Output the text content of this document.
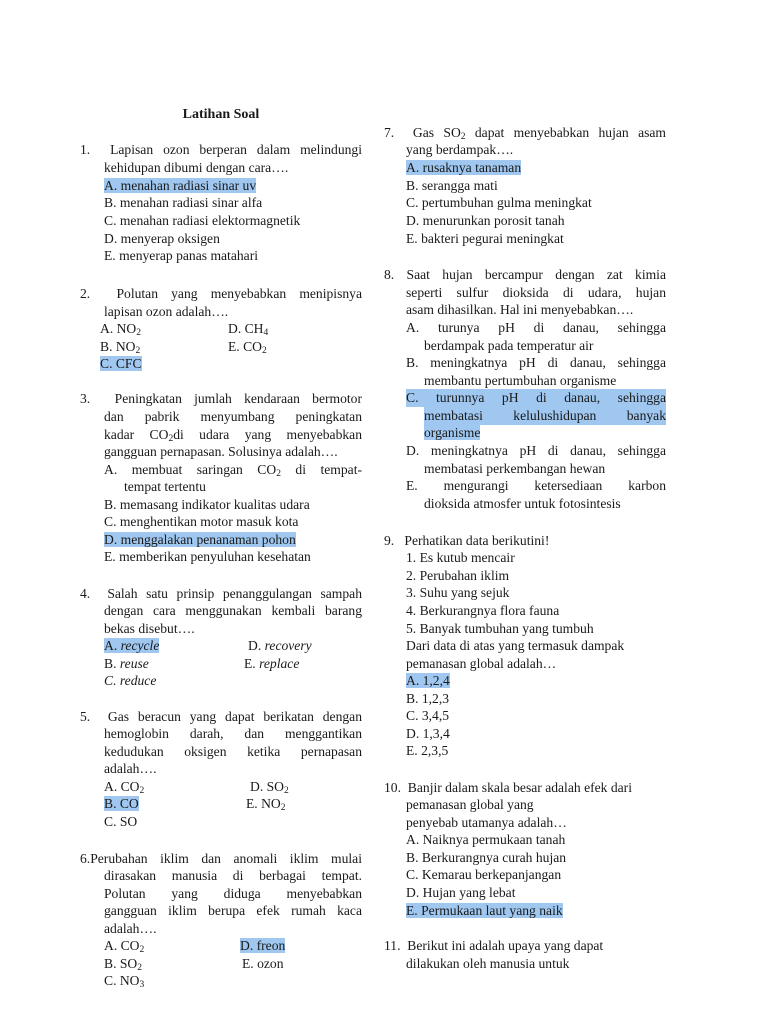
Latihan Soal
1. Lapisan ozon berperan dalam melindungi
kehidupan dibumi dengan cara….
A. menahan radiasi sinar uv
B. menahan radiasi sinar alfa
C. menahan radiasi elektormagnetik
D. menyerap oksigen
E. menyerap panas matahari
2. Polutan yang menyebabkan menipisnya
lapisan ozon adalah….
A. $NO_2$	D. $CH_4$
B. $NO_2$	E. $CO_2$
C. CFC
3. Peningkatan jumlah kendaraan bermotor
dan pabrik menyumbang peningkatan
kadar $CO_2di$ udara yang menyebabkan
gangguan pernapasan. Solusinya adalah….
A. membuat saringan $CO_2$ di tempat-
tempat tertentu
B. memasang indikator kualitas udara
C. menghentikan motor masuk kota
D. menggalakan penanaman pohon
E. memberikan penyuluhan kesehatan
4. Salah satu prinsip penanggulangan sampah
dengan cara menggunakan kembali barang
bekas disebut….
A. recycle	D. recovery
B. reuse	E. replace
C. reduce
5. Gas beracun yang dapat berikatan dengan
hemoglobin darah, dan menggantikan
kedudukan oksigen ketika pernapasan
adalah….
A. $CO_2$	D. $SO_2$
B. CO	E. $NO_2$
C. SO
6.Perubahan iklim dan anomali iklim mulai
dirasakan manusia di berbagai tempat.
Polutan yang diduga menyebabkan
gangguan iklim berupa efek rumah kaca
adalah….
A. $CO_2$	D. freon
B. $SO_2$	E. ozon
C. $NO_3$
7. Gas $SO_2$ dapat menyebabkan hujan asam
yang berdampak….
A. rusaknya tanaman
B. serangga mati
C. pertumbuhan gulma meningkat
D. menurunkan porosit tanah
E. bakteri pegurai meningkat
8. Saat hujan bercampur dengan zat kimia
seperti sulfur dioksida di udara, hujan
asam dihasilkan. Hal ini menyebabkan….
A. turunya pH di danau, sehingga
berdampak pada temperatur air
B. meningkatnya pH di danau, sehingga
membantu pertumbuhan organisme
C. turunnya pH di danau, sehingga
membatasi kelulushidupan banyak
organisme
D. meningkatnya pH di danau, sehingga
membatasi perkembangan hewan
E. mengurangi ketersediaan karbon
dioksida atmosfer untuk fotosintesis
9. Perhatikan data berikutini!
1. Es kutub mencair
2. Perubahan iklim
3. Suhu yang sejuk
4. Berkurangnya flora fauna
5. Banyak tumbuhan yang tumbuh
Dari data di atas yang termasuk dampak
pemanasan global adalah…
A. 1,2,4
B. 1,2,3
C. 3,4,5
D. 1,3,4
E. 2,3,5
10. Banjir dalam skala besar adalah efek dari
pemanasan global yang
penyebab utamanya adalah…
A. Naiknya permukaan tanah
B. Berkurangnya curah hujan
C. Kemarau berkepanjangan
D. Hujan yang lebat
E. Permukaan laut yang naik
11. Berikut ini adalah upaya yang dapat
dilakukan oleh manusia untuk
